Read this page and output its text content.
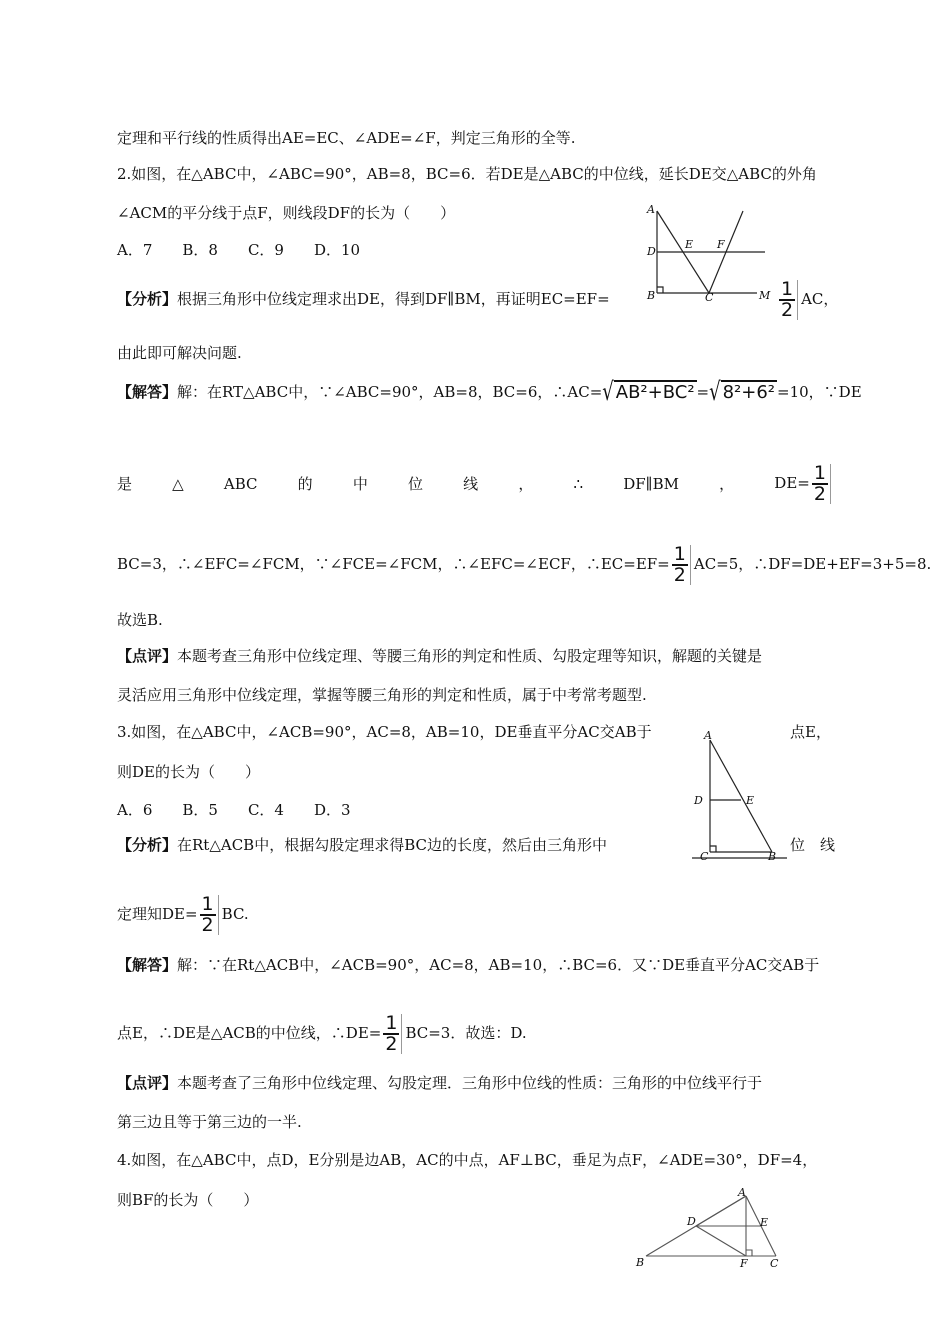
定理和平行线的性质得出AE=EC、∠ADE=∠F，判定三角形的全等.
2.如图，在△ABC中，∠ABC=90°，AB=8，BC=6．若DE是△ABC的中位线，延长DE交△ABC的外角
∠ACM的平分线于点F，则线段DF的长为（　　）
A．7　　B．8　　C．9　　D．10
A
D
E F
B	C	M
【分析】根据三角形中位线定理求出DE，得到DF∥BM，再证明EC=EF=	$\frac{1}{2}$ AC，
由此即可解决问题.
【解答】解：在RT△ABC中，∵∠ABC=90°，AB=8，BC=6，∴AC=√ AB²+BC² =√ 8²+6² =10，∵DE
是	△	ABC	的	中	位	线	，	∴	DF∥BM	，	$DE= \frac{1}{2}$
BC=3，∴∠EFC=∠FCM，∵∠FCE=∠FCM，∴∠EFC=∠ECF，∴EC=EF= $\frac{1}{2} AC=5$，∴DF=DE+EF=3+5=8.
故选B.
【点评】本题考查三角形中位线定理、等腰三角形的判定和性质、勾股定理等知识，解题的关键是
灵活应用三角形中位线定理，掌握等腰三角形的判定和性质，属于中考常考题型.
3.如图，在△ABC中，∠ACB=90°，AC=8，AB=10，DE垂直平分AC交AB于	点E，
则DE的长为（　　）
A．6　　B．5　　C．4　　D．3
A
D	E
C	B
【分析】在Rt△ACB中，根据勾股定理求得BC边的长度，然后由三角形中	位　线
定理知$DE= \frac{1}{2}$ BC.
【解答】解：∵在Rt△ACB中，∠ACB=90°，AC=8，AB=10，∴BC=6．又∵DE垂直平分AC交AB于
点E，∴DE是△ACB的中位线，∴DE= $\frac{1}{2} BC=3$．故选：D.
【点评】本题考查了三角形中位线定理、勾股定理．三角形中位线的性质：三角形的中位线平行于
第三边且等于第三边的一半.
4.如图，在△ABC中，点D，E分别是边AB，AC的中点，AF⊥BC，垂足为点F，∠ADE=30°，DF=4，
则BF的长为（　　）	A
D	E
B	F C
